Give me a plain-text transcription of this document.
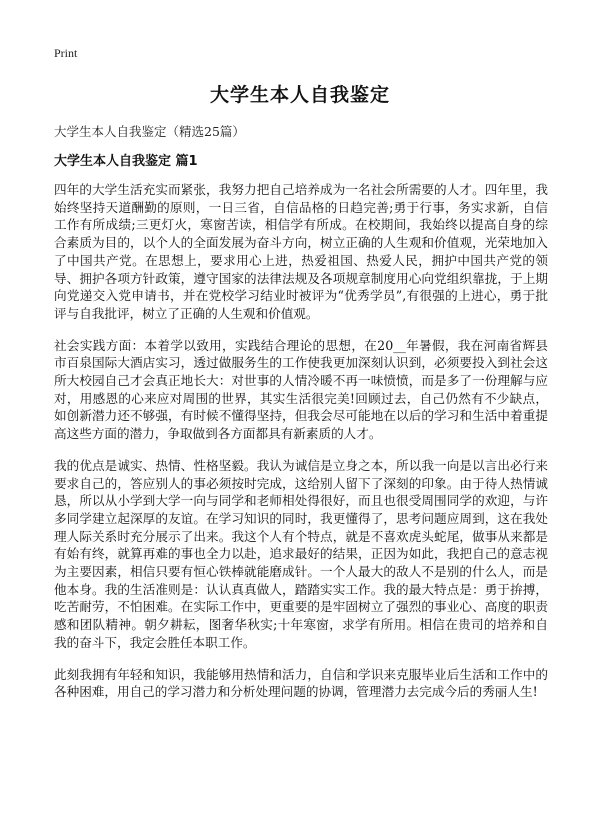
Print
大学生本人自我鉴定
大学生本人自我鉴定（精选25篇）
大学生本人自我鉴定 篇1

四年的大学生活充实而紧张，我努力把自己培养成为一名社会所需要的人才。四年里，我始终坚持天道酬勤的原则，一日三省，自信品格的日趋完善;勇于行事，务实求新，自信工作有所成绩;三更灯火，寒窗苦读，相信学有所成。在校期间，我始终以提高自身的综合素质为目的，以个人的全面发展为奋斗方向，树立正确的人生观和价值观，光荣地加入了中国共产党。在思想上，要求用心上进，热爱祖国、热爱人民，拥护中国共产党的领导、拥护各项方针政策，遵守国家的法律法规及各项规章制度用心向党组织靠拢，于上期向党递交入党申请书，并在党校学习结业时被评为“优秀学员”,有很强的上进心，勇于批评与自我批评，树立了正确的人生观和价值观。

社会实践方面：本着学以致用，实践结合理论的思想，在20__年暑假，我在河南省辉县市百泉国际大酒店实习，透过做服务生的工作使我更加深刻认识到，必须要投入到社会这所大校园自己才会真正地长大：对世事的人情冷暖不再一味愤愤，而是多了一份理解与应对，用感恩的心来应对周围的世界，其实生活很完美!回顾过去，自己仍然有不少缺点，如创新潜力还不够强，有时候不懂得坚持，但我会尽可能地在以后的学习和生活中着重提高这些方面的潜力，争取做到各方面都具有新素质的人才。

我的优点是诚实、热情、性格坚毅。我认为诚信是立身之本，所以我一向是以言出必行来要求自己的，答应别人的事必须按时完成，这给别人留下了深刻的印象。由于待人热情诚恳，所以从小学到大学一向与同学和老师相处得很好，而且也很受周围同学的欢迎，与许多同学建立起深厚的友谊。在学习知识的同时，我更懂得了，思考问题应周到，这在我处理人际关系时充分展示了出来。我这个人有个特点，就是不喜欢虎头蛇尾，做事从来都是有始有终，就算再难的事也全力以赴，追求最好的结果，正因为如此，我把自己的意志视为主要因素，相信只要有恒心铁棒就能磨成针。一个人最大的敌人不是别的什么人，而是他本身。我的生活准则是：认认真真做人，踏踏实实工作。我的最大特点是：勇于拚搏，吃苦耐劳，不怕困难。在实际工作中，更重要的是牢固树立了强烈的事业心、高度的职责感和团队精神。朝夕耕耘，图奢华秋实;十年寒窗，求学有所用。相信在贵司的培养和自我的奋斗下，我定会胜任本职工作。

此刻我拥有年轻和知识，我能够用热情和活力，自信和学识来克服毕业后生活和工作中的各种困难，用自己的学习潜力和分析处理问题的协调，管理潜力去完成今后的秀丽人生!
